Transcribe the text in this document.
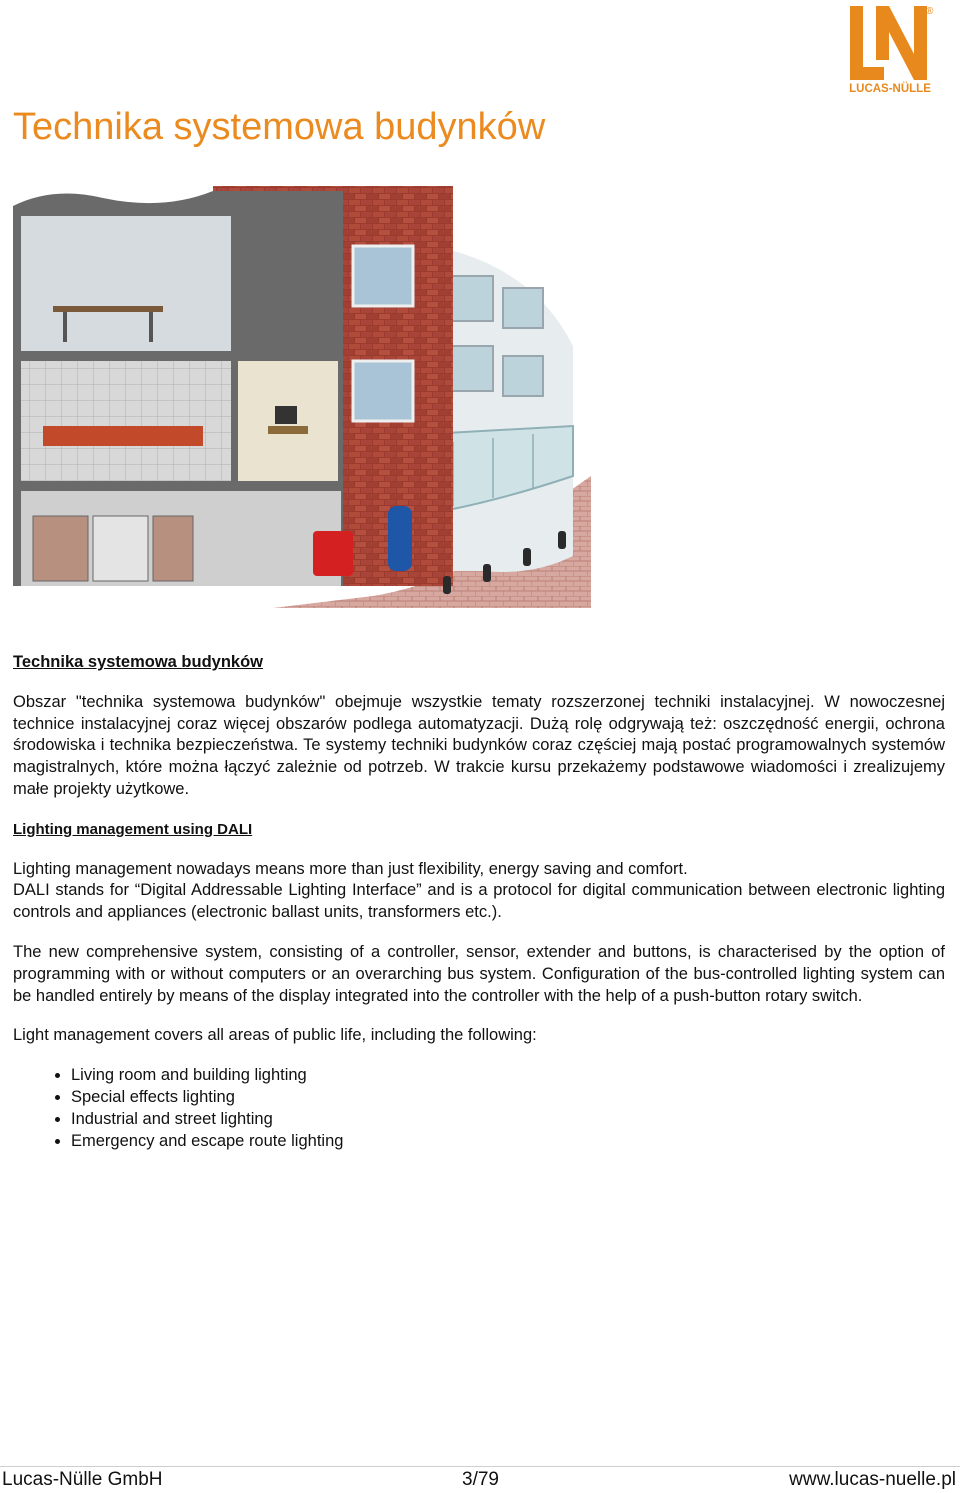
®
LUCAS-NÜLLE
Technika systemowa budynków
Technika systemowa budynków

Obszar "technika systemowa budynków" obejmuje wszystkie tematy rozszerzonej techniki instalacyjnej. W nowoczesnej technice instalacyjnej coraz więcej obszarów podlega automatyzacji. Dużą rolę odgrywają też: oszczędność energii, ochrona środowiska i technika bezpieczeństwa. Te systemy techniki budynków coraz częściej mają postać programowalnych systemów magistralnych, które można łączyć zależnie od potrzeb. W trakcie kursu przekażemy podstawowe wiadomości i zrealizujemy małe projekty użytkowe.

Lighting management using DALI

Lighting management nowadays means more than just flexibility, energy saving and comfort.
DALI stands for “Digital Addressable Lighting Interface” and is a protocol for digital communication between electronic lighting controls and appliances (electronic ballast units, transformers etc.).

The new comprehensive system, consisting of a controller, sensor, extender and buttons, is characterised by the option of programming with or without computers or an overarching bus system. Configuration of the bus-controlled lighting system can be handled entirely by means of the display integrated into the controller with the help of a push-button rotary switch.

Light management covers all areas of public life, including the following:

• Living room and building lighting
• Special effects lighting
• Industrial and street lighting
• Emergency and escape route lighting
Lucas-Nülle GmbH	3/79	www.lucas-nuelle.pl
